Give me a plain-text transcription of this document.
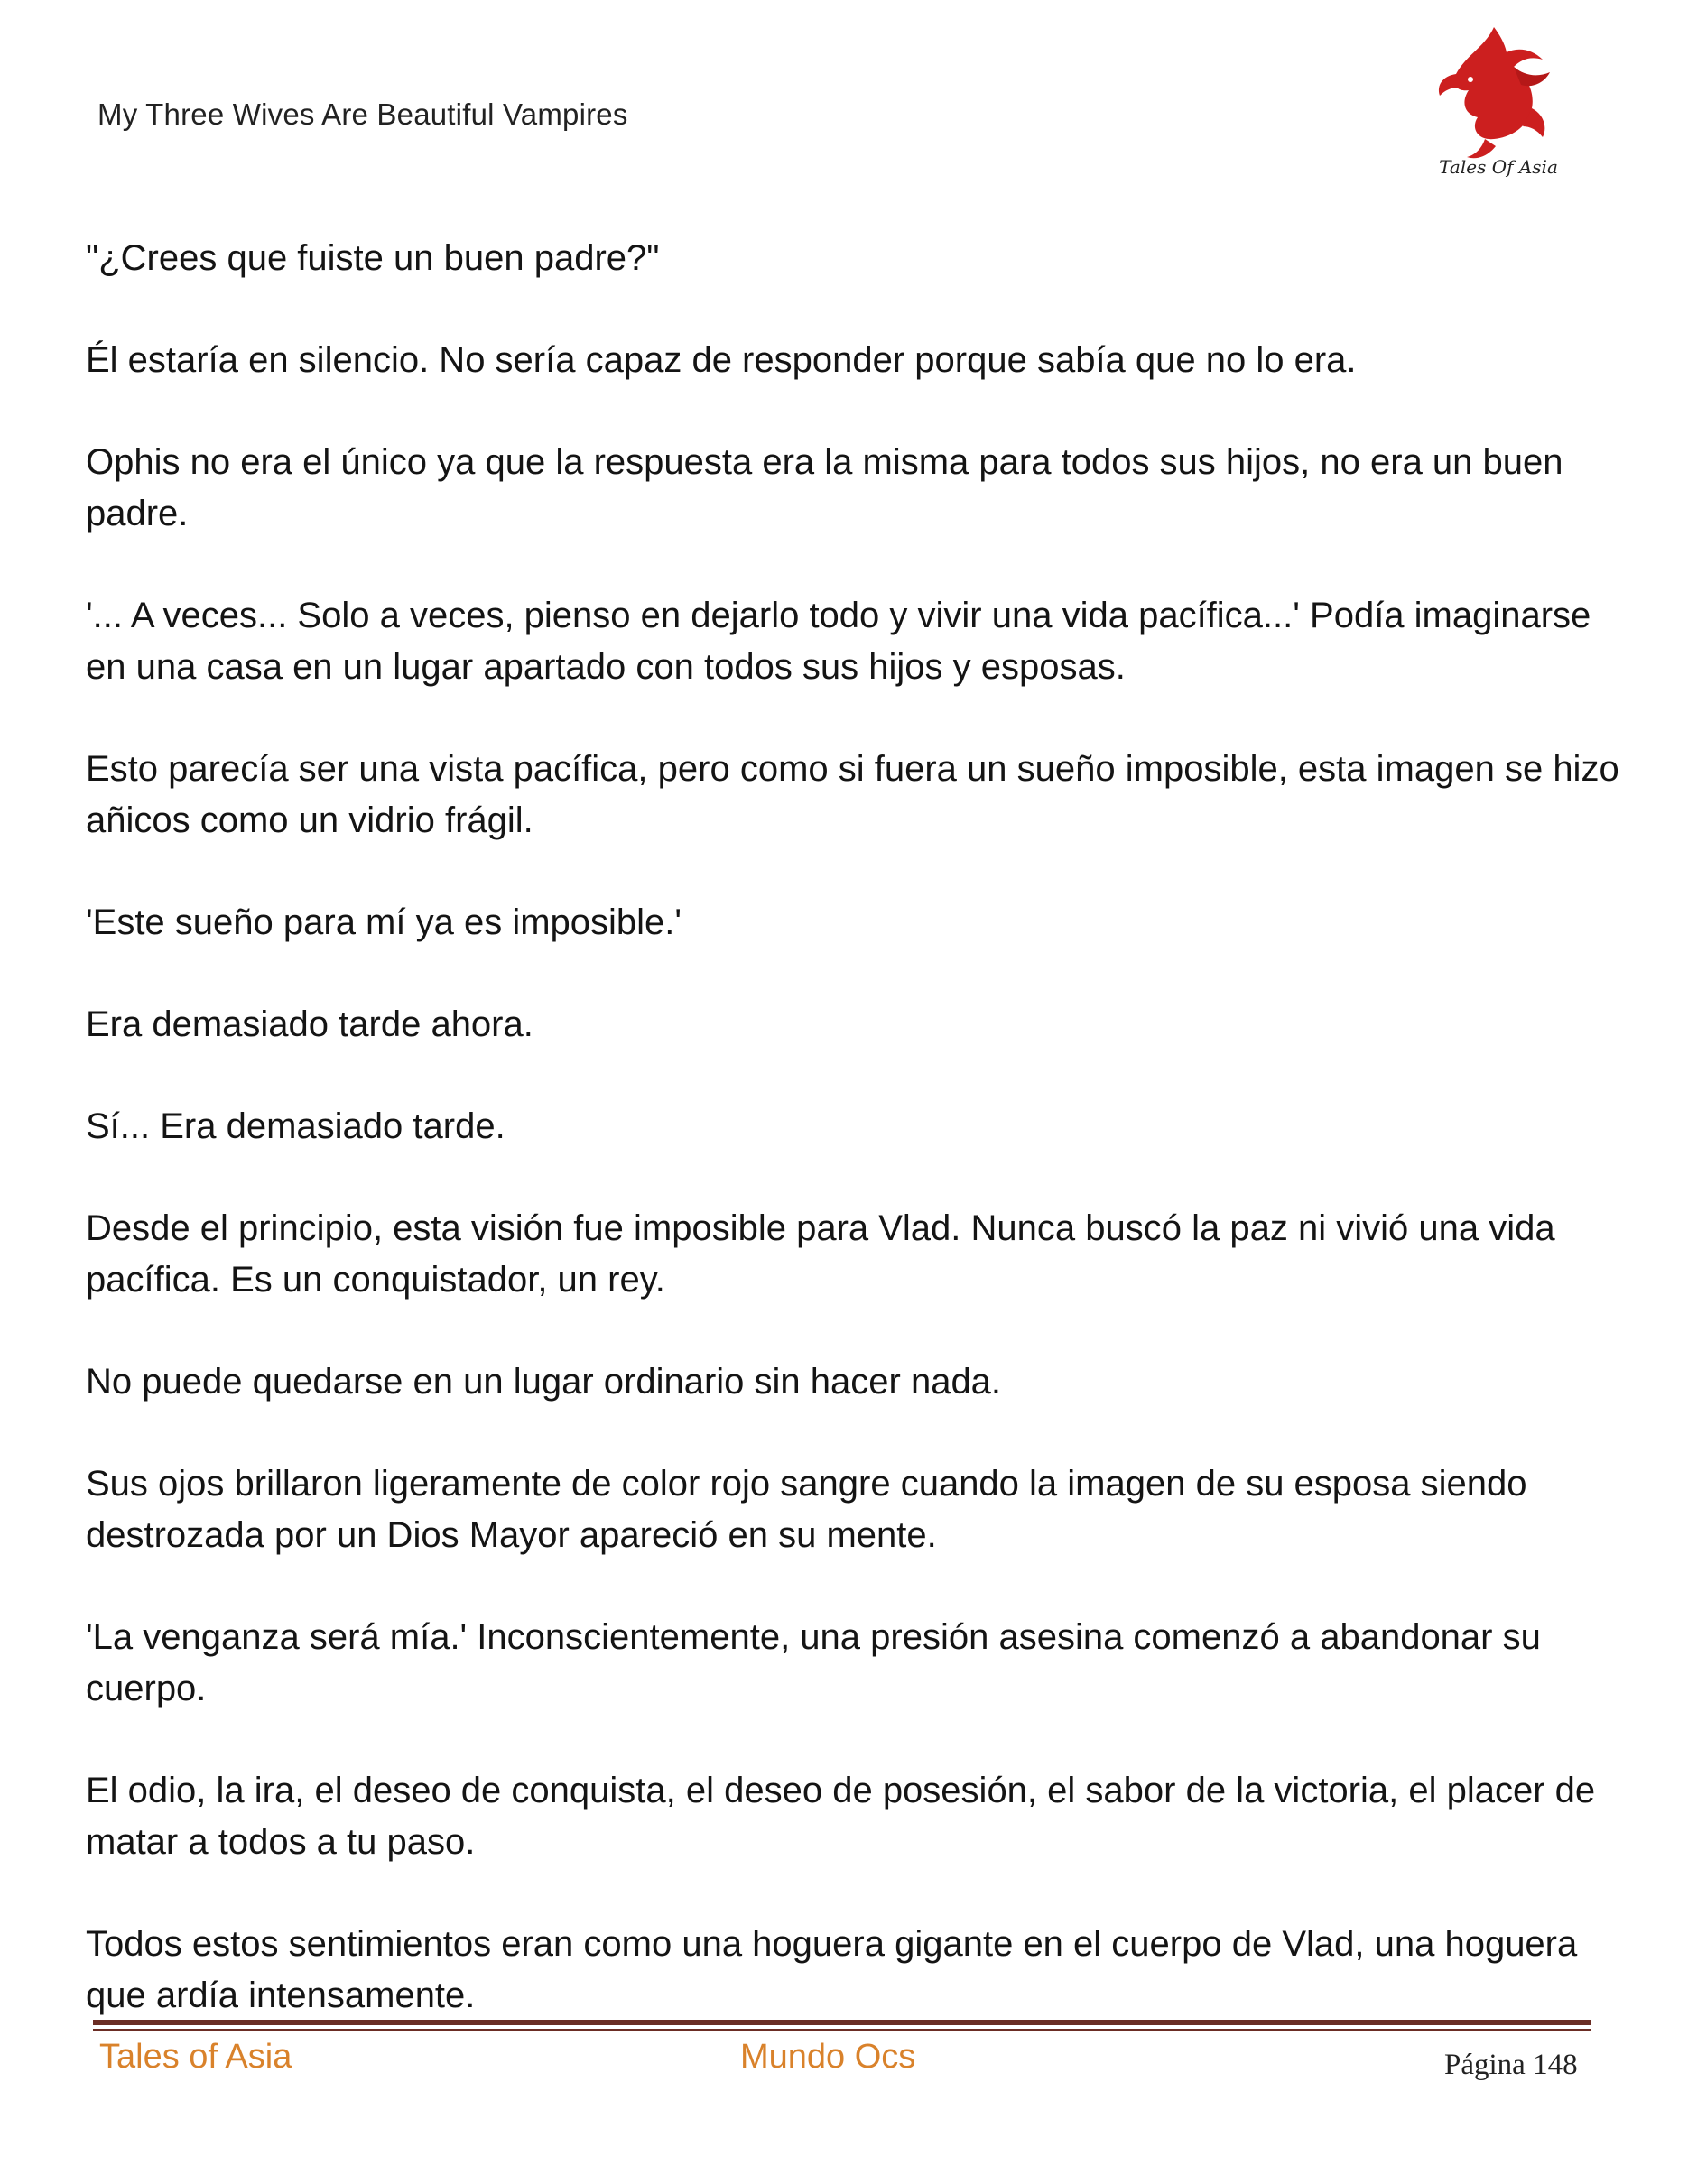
My Three Wives Are Beautiful Vampires
Tales Of Asia

"¿Crees que fuiste un buen padre?"

Él estaría en silencio. No sería capaz de responder porque sabía que no lo era.

Ophis no era el único ya que la respuesta era la misma para todos sus hijos, no era un buen padre.

'... A veces... Solo a veces, pienso en dejarlo todo y vivir una vida pacífica...' Podía imaginarse en una casa en un lugar apartado con todos sus hijos y esposas.

Esto parecía ser una vista pacífica, pero como si fuera un sueño imposible, esta imagen se hizo añicos como un vidrio frágil.

'Este sueño para mí ya es imposible.'

Era demasiado tarde ahora.

Sí... Era demasiado tarde.

Desde el principio, esta visión fue imposible para Vlad. Nunca buscó la paz ni vivió una vida pacífica. Es un conquistador, un rey.

No puede quedarse en un lugar ordinario sin hacer nada.

Sus ojos brillaron ligeramente de color rojo sangre cuando la imagen de su esposa siendo destrozada por un Dios Mayor apareció en su mente.

'La venganza será mía.' Inconscientemente, una presión asesina comenzó a abandonar su cuerpo.

El odio, la ira, el deseo de conquista, el deseo de posesión, el sabor de la victoria, el placer de matar a todos a tu paso.

Todos estos sentimientos eran como una hoguera gigante en el cuerpo de Vlad, una hoguera que ardía intensamente.

Tales of Asia	Mundo Ocs	Página 148
